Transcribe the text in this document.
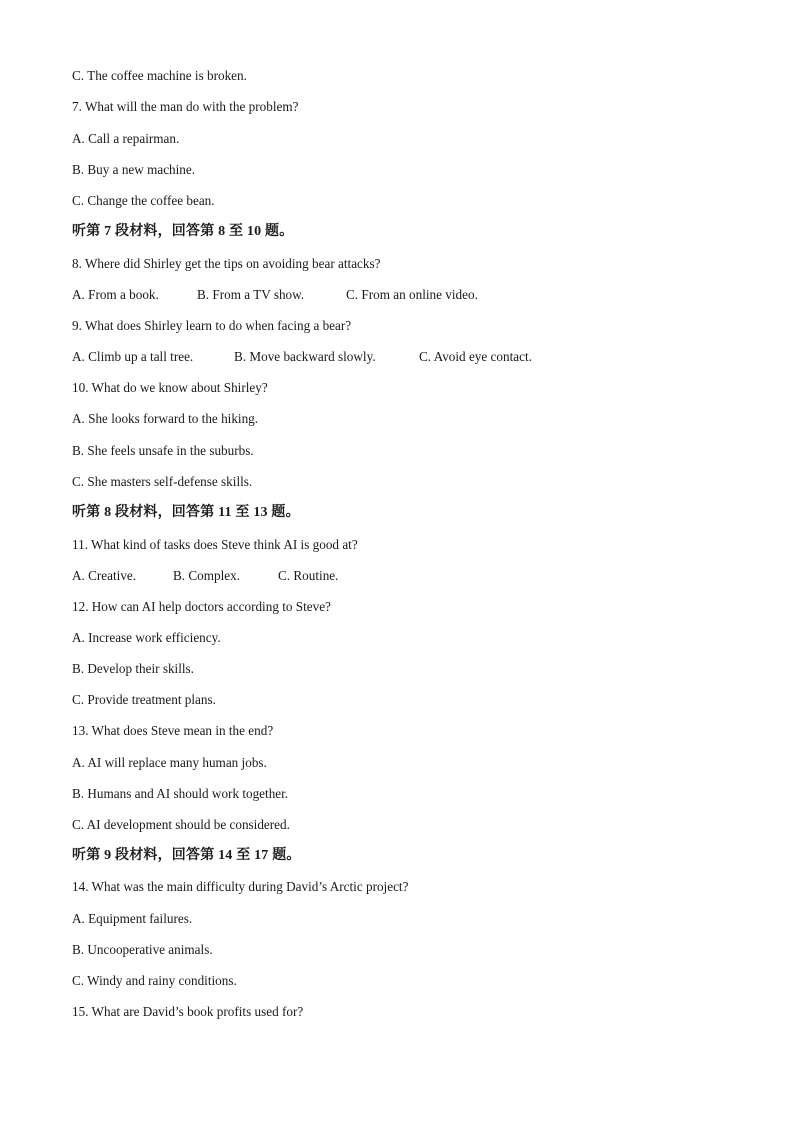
C. The coffee machine is broken.
7. What will the man do with the problem?
A. Call a repairman.
B. Buy a new machine.
C. Change the coffee bean.
听第 7 段材料，回答第 8 至 10 题。
8. Where did Shirley get the tips on avoiding bear attacks?
A. From a book.	B. From a TV show.	C. From an online video.
9. What does Shirley learn to do when facing a bear?
A. Climb up a tall tree.	B. Move backward slowly.	C. Avoid eye contact.
10. What do we know about Shirley?
A. She looks forward to the hiking.
B. She feels unsafe in the suburbs.
C. She masters self-defense skills.
听第 8 段材料，回答第 11 至 13 题。
11. What kind of tasks does Steve think AI is good at?
A. Creative.	B. Complex.	C. Routine.
12. How can AI help doctors according to Steve?
A. Increase work efficiency.
B. Develop their skills.
C. Provide treatment plans.
13. What does Steve mean in the end?
A. AI will replace many human jobs.
B. Humans and AI should work together.
C. AI development should be considered.
听第 9 段材料，回答第 14 至 17 题。
14. What was the main difficulty during David’s Arctic project?
A. Equipment failures.
B. Uncooperative animals.
C. Windy and rainy conditions.
15. What are David’s book profits used for?
